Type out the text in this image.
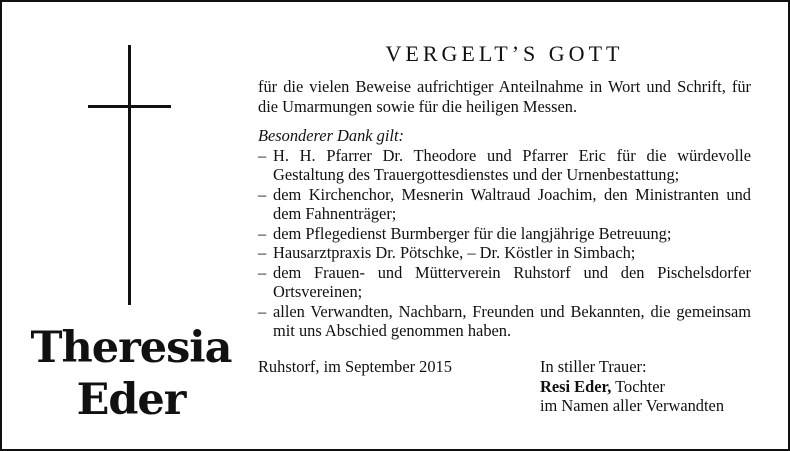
Theresia
Eder
VERGELT’S GOTT
für die vielen Beweise aufrichtiger Anteilnahme in Wort und Schrift, für die Umarmungen sowie für die heiligen Messen.
Besonderer Dank gilt:
– H. H. Pfarrer Dr. Theodore und Pfarrer Eric für die würdevolle Gestaltung des Trauergottesdienstes und der Urnenbestattung;
– dem Kirchenchor, Mesnerin Waltraud Joachim, den Ministranten und dem Fahnenträger;
– dem Pflegedienst Burmberger für die langjährige Betreuung;
– Hausarztpraxis Dr. Pötschke, – Dr. Köstler in Simbach;
– dem Frauen- und Mütterverein Ruhstorf und den Pischelsdorfer Ortsvereinen;
– allen Verwandten, Nachbarn, Freunden und Bekannten, die gemeinsam mit uns Abschied genommen haben.
Ruhstorf, im September 2015	In stiller Trauer:
Resi Eder, Tochter
im Namen aller Verwandten
